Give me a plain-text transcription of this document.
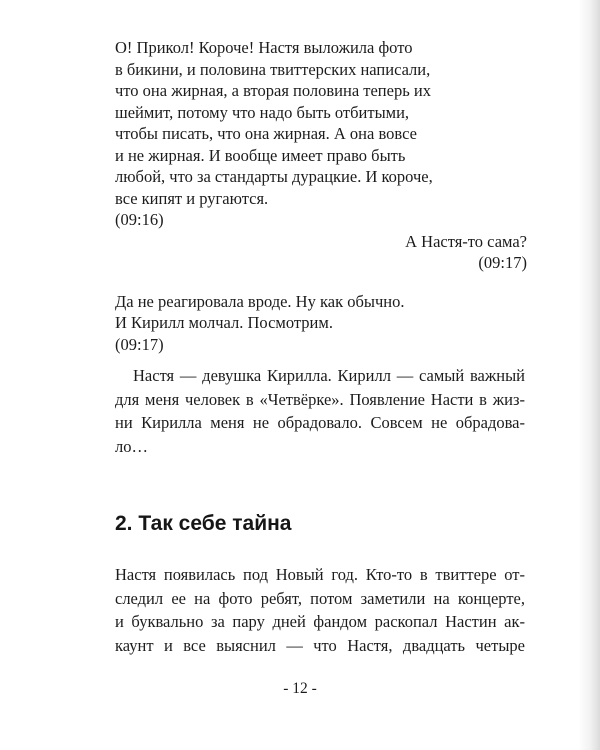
О! Прикол! Короче! Настя выложила фото
в бикини, и половина твиттерских написали,
что она жирная, а вторая половина теперь их
шеймит, потому что надо быть отбитыми,
чтобы писать, что она жирная. А она вовсе
и не жирная. И вообще имеет право быть
любой, что за стандарты дурацкие. И короче,
все кипят и ругаются.
(09:16)
А Настя-то сама?
(09:17)
Да не реагировала вроде. Ну как обычно.
И Кирилл молчал. Посмотрим.
(09:17)
Настя — девушка Кирилла. Кирилл — самый важный
для меня человек в «Четвёрке». Появление Насти в жиз-
ни Кирилла меня не обрадовало. Совсем не обрадова-
ло…
2. Так себе тайна
Настя появилась под Новый год. Кто-то в твиттере от-
следил ее на фото ребят, потом заметили на концерте,
и буквально за пару дней фандом раскопал Настин ак-
каунт и все выяснил — что Настя, двадцать четыре
- 12 -
